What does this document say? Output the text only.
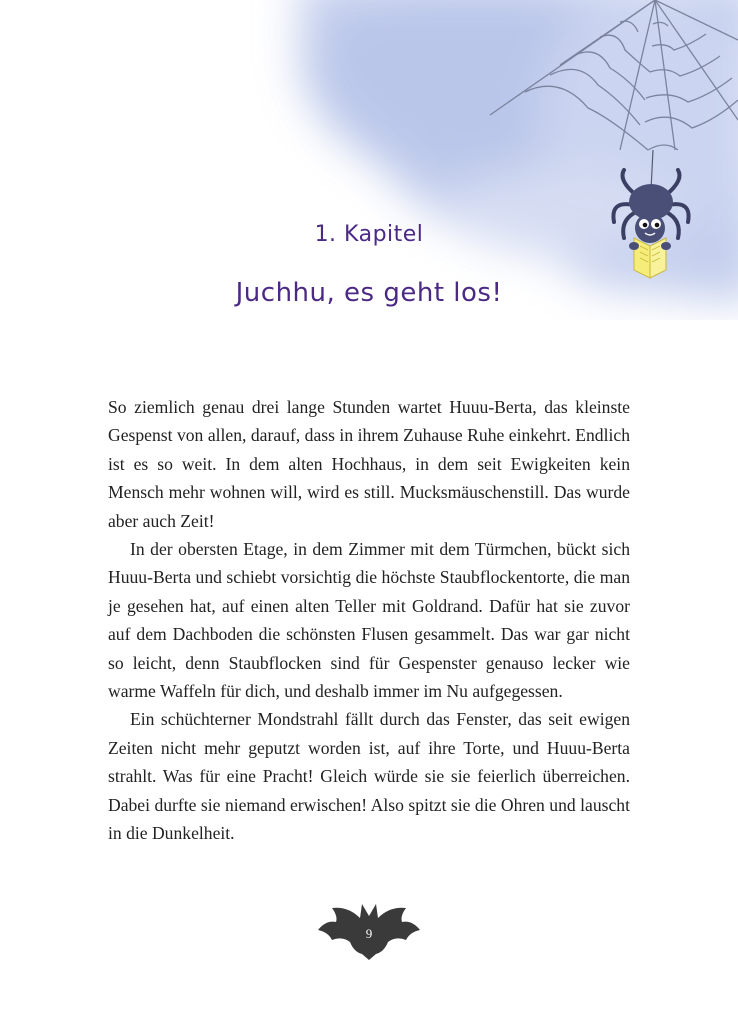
1. Kapitel
Juchhu, es geht los!

So ziemlich genau drei lange Stunden wartet Huuu-Berta, das kleinste Gespenst von allen, darauf, dass in ihrem Zuhause Ruhe einkehrt. Endlich ist es so weit. In dem alten Hochhaus, in dem seit Ewigkeiten kein Mensch mehr wohnen will, wird es still. Mucksmäuschenstill. Das wurde aber auch Zeit!

In der obersten Etage, in dem Zimmer mit dem Türmchen, bückt sich Huuu-Berta und schiebt vorsichtig die höchste Staubflockentorte, die man je gesehen hat, auf einen alten Teller mit Goldrand. Dafür hat sie zuvor auf dem Dachboden die schönsten Flusen gesammelt. Das war gar nicht so leicht, denn Staubflocken sind für Gespenster genauso lecker wie warme Waffeln für dich, und deshalb immer im Nu aufgegessen.

Ein schüchterner Mondstrahl fällt durch das Fenster, das seit ewigen Zeiten nicht mehr geputzt worden ist, auf ihre Torte, und Huuu-Berta strahlt. Was für eine Pracht! Gleich würde sie sie feierlich überreichen. Dabei durfte sie niemand erwischen! Also spitzt sie die Ohren und lauscht in die Dunkelheit.

9
